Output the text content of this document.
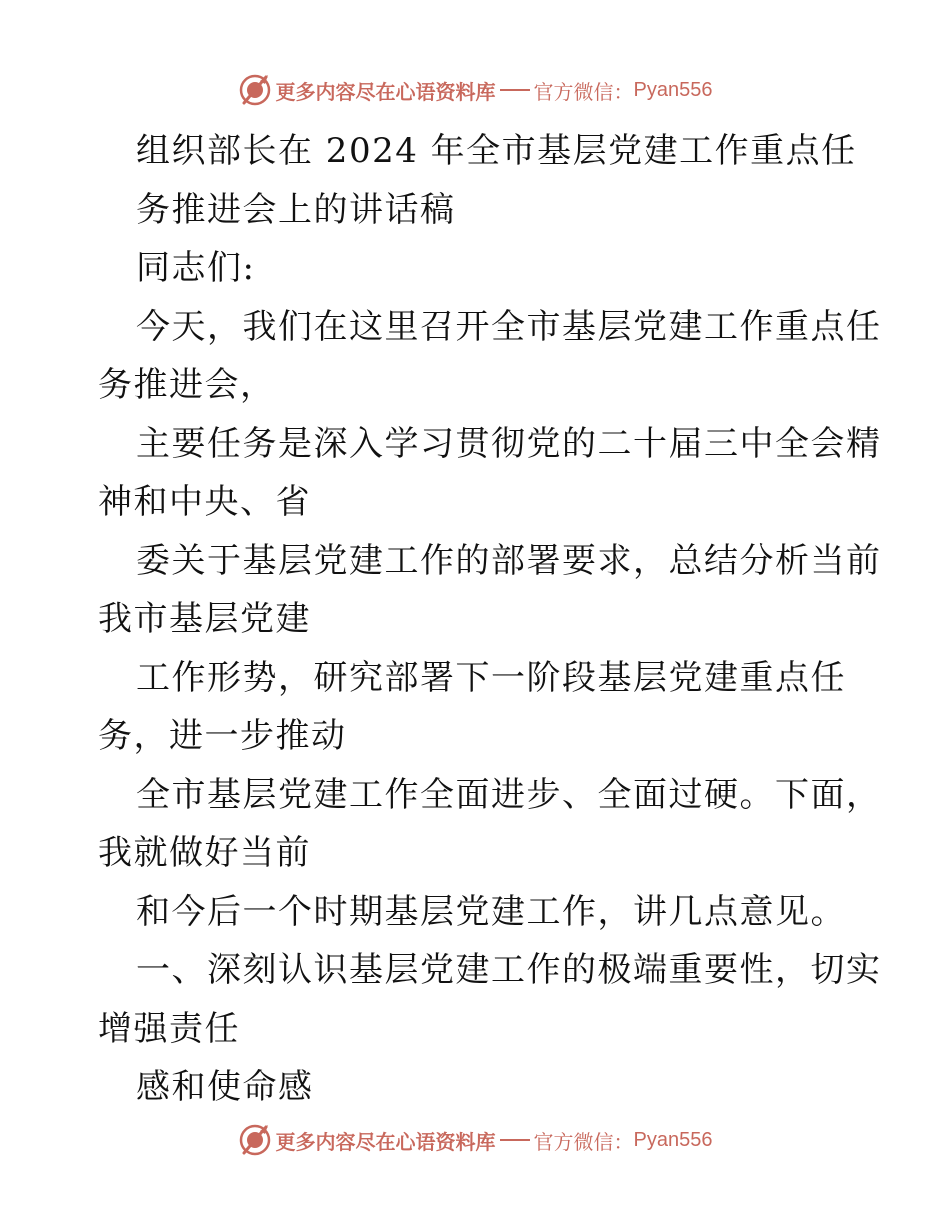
更多内容尽在心语资料库 官方微信： Pyan556
组织部长在 2024 年全市基层党建工作重点任
务推进会上的讲话稿
同志们:
今天，我们在这里召开全市基层党建工作重点任
务推进会，
主要任务是深入学习贯彻党的二十届三中全会精
神和中央、省
委关于基层党建工作的部署要求，总结分析当前
我市基层党建
工作形势，研究部署下一阶段基层党建重点任
务，进一步推动
全市基层党建工作全面进步、全面过硬。下面，
我就做好当前
和今后一个时期基层党建工作，讲几点意见。
一、深刻认识基层党建工作的极端重要性，切实
增强责任
感和使命感
更多内容尽在心语资料库 官方微信： Pyan556
